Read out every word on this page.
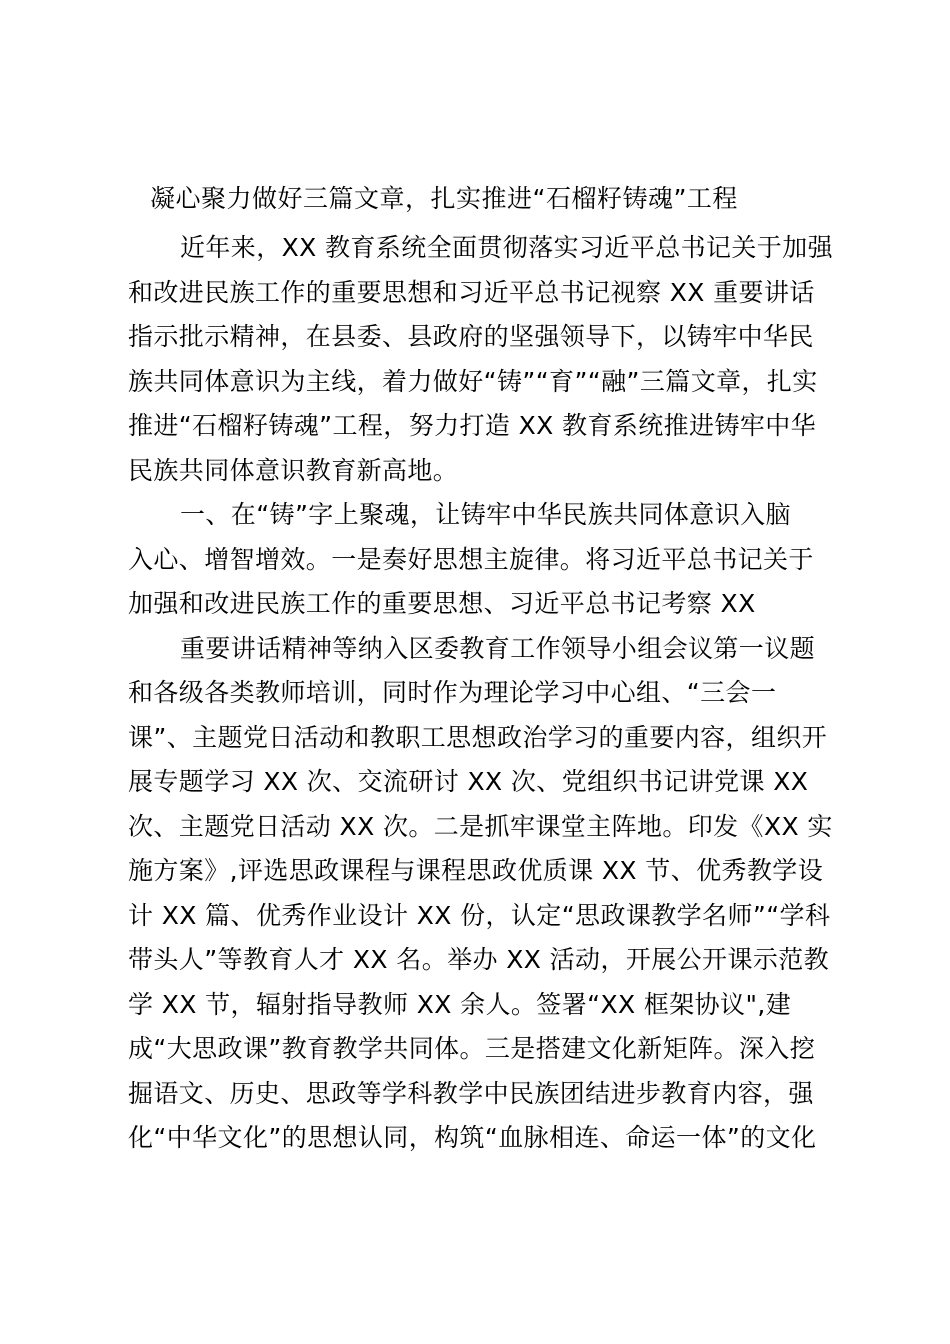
凝心聚力做好三篇文章，扎实推进“石榴籽铸魂”工程
近年来，XX 教育系统全面贯彻落实习近平总书记关于加强
和改进民族工作的重要思想和习近平总书记视察 XX 重要讲话
指示批示精神，在县委、县政府的坚强领导下，以铸牢中华民
族共同体意识为主线，着力做好“铸”“育”“融”三篇文章，扎实
推进“石榴籽铸魂”工程，努力打造 XX 教育系统推进铸牢中华
民族共同体意识教育新高地。
一、在“铸”字上聚魂，让铸牢中华民族共同体意识入脑
入心、增智增效。一是奏好思想主旋律。将习近平总书记关于
加强和改进民族工作的重要思想、习近平总书记考察 XX
重要讲话精神等纳入区委教育工作领导小组会议第一议题
和各级各类教师培训，同时作为理论学习中心组、“三会一
课”、主题党日活动和教职工思想政治学习的重要内容，组织开
展专题学习 XX 次、交流研讨 XX 次、党组织书记讲党课 XX
次、主题党日活动 XX 次。二是抓牢课堂主阵地。印发《XX 实
施方案》,评选思政课程与课程思政优质课 XX 节、优秀教学设
计 XX 篇、优秀作业设计 XX 份，认定“思政课教学名师”“学科
带头人”等教育人才 XX 名。举办 XX 活动，开展公开课示范教
学 XX 节，辐射指导教师 XX 余人。签署“XX 框架协议",建
成“大思政课”教育教学共同体。三是搭建文化新矩阵。深入挖
掘语文、历史、思政等学科教学中民族团结进步教育内容，强
化“中华文化”的思想认同，构筑“血脉相连、命运一体”的文化
